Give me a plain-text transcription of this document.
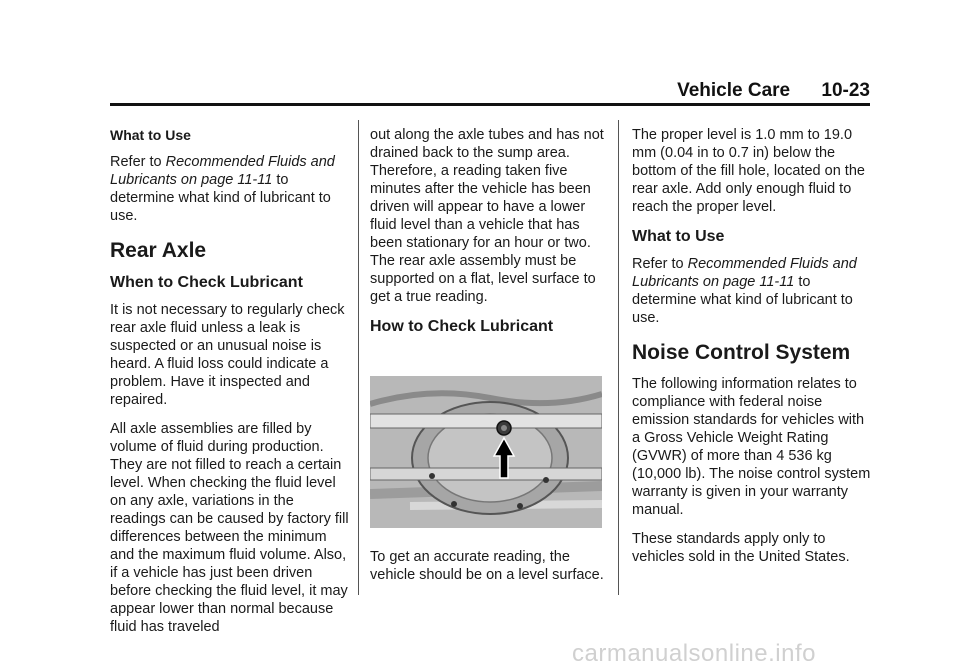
Vehicle Care 10-23
What to Use

Refer to Recommended Fluids and Lubricants on page 11-11 to determine what kind of lubricant to use.

Rear Axle
When to Check Lubricant

It is not necessary to regularly check rear axle fluid unless a leak is suspected or an unusual noise is heard. A fluid loss could indicate a problem. Have it inspected and repaired.

All axle assemblies are filled by volume of fluid during production. They are not filled to reach a certain level. When checking the fluid level on any axle, variations in the readings can be caused by factory fill differences between the minimum and the maximum fluid volume. Also, if a vehicle has just been driven before checking the fluid level, it may appear lower than normal because fluid has traveled

out along the axle tubes and has not drained back to the sump area. Therefore, a reading taken five minutes after the vehicle has been driven will appear to have a lower fluid level than a vehicle that has been stationary for an hour or two. The rear axle assembly must be supported on a flat, level surface to get a true reading.

How to Check Lubricant

To get an accurate reading, the vehicle should be on a level surface.

The proper level is 1.0 mm to 19.0 mm (0.04 in to 0.7 in) below the bottom of the fill hole, located on the rear axle. Add only enough fluid to reach the proper level.

What to Use

Refer to Recommended Fluids and Lubricants on page 11-11 to determine what kind of lubricant to use.

Noise Control System

The following information relates to compliance with federal noise emission standards for vehicles with a Gross Vehicle Weight Rating (GVWR) of more than 4 536 kg (10,000 lb). The noise control system warranty is given in your warranty manual.

These standards apply only to vehicles sold in the United States.

carmanualsonline.info
